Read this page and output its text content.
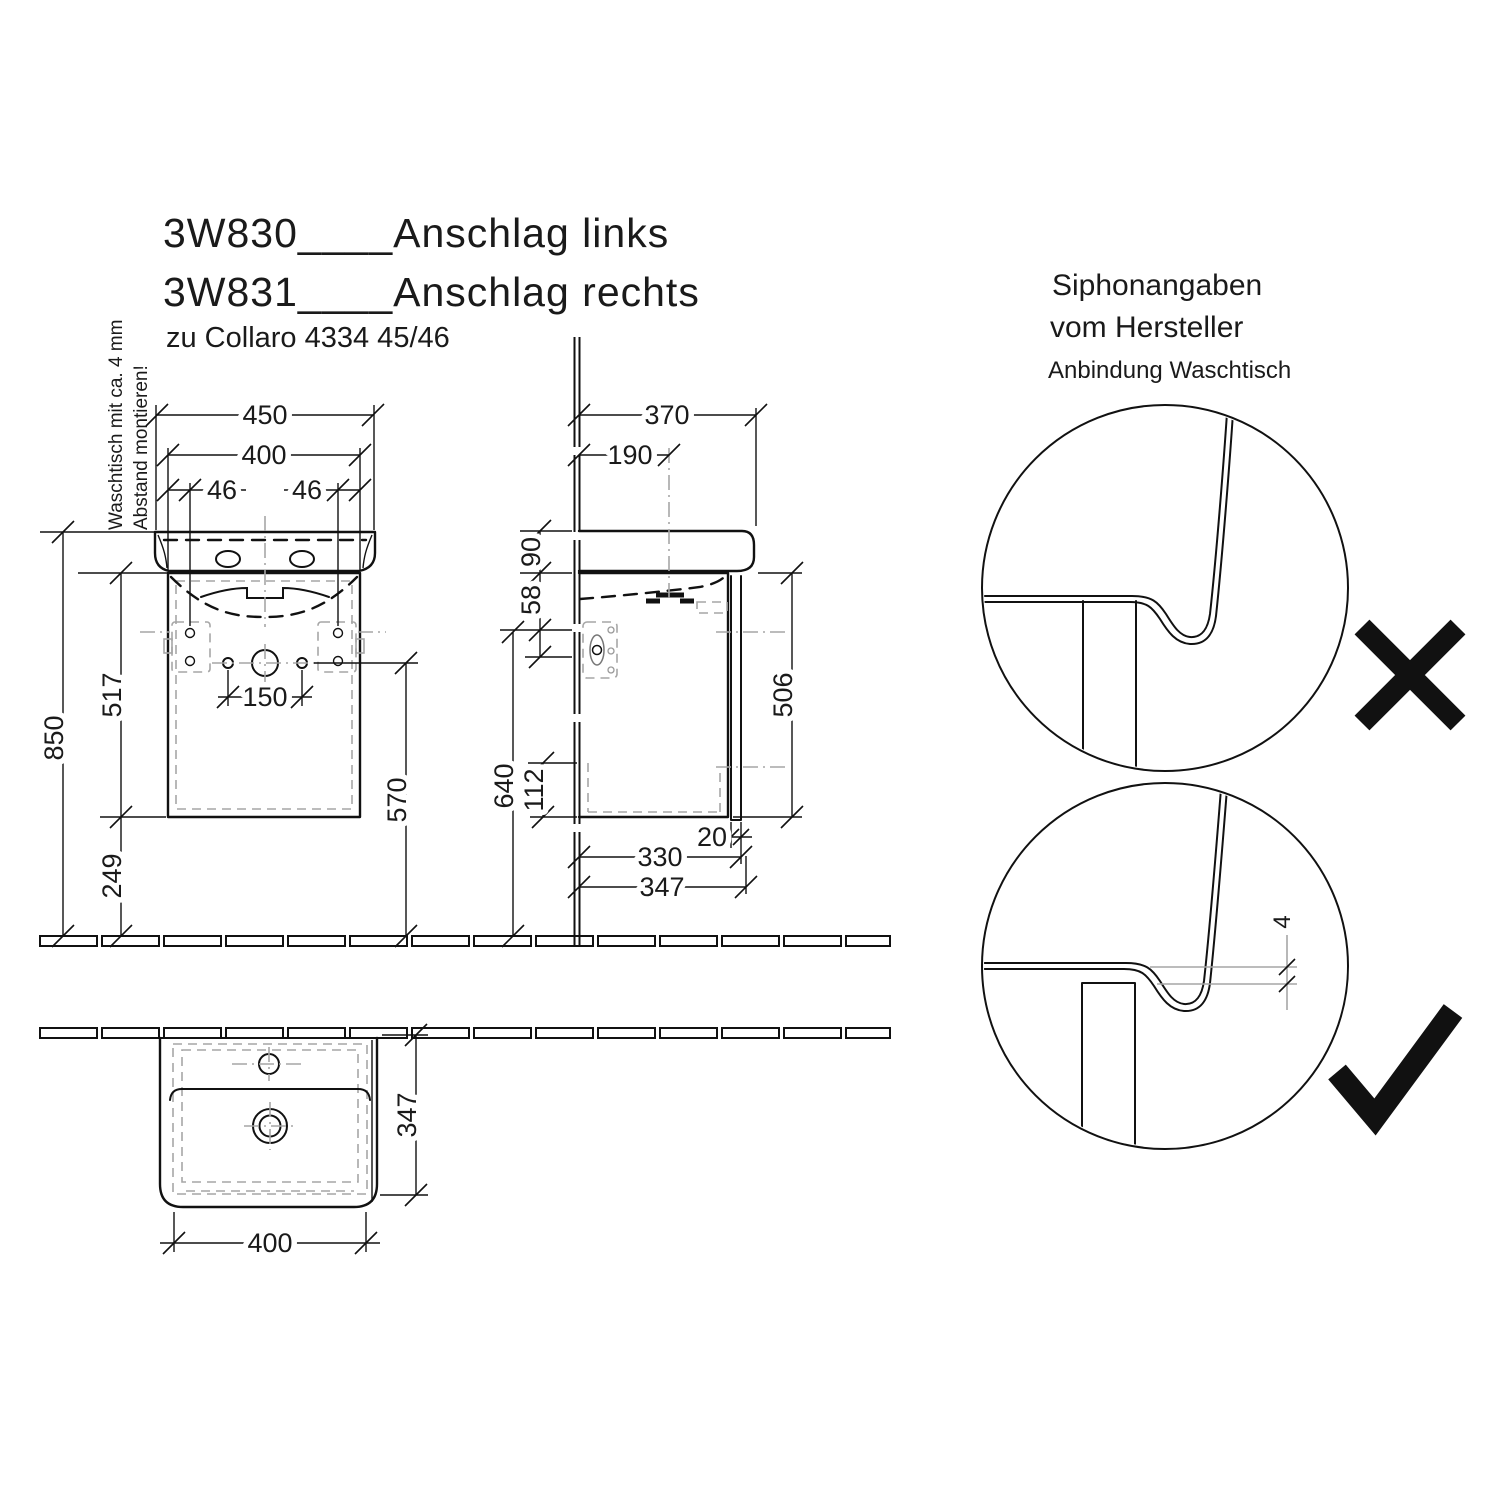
3W830____Anschlag links
3W831____Anschlag rechts
zu Collaro 4334 45/46
Waschtisch mit ca. 4 mm Abstand montieren!	450
400
46 46
517
850
249
150
570
370
190
90
58
640 112
506
20
330
347
347
400
Siphonangaben
vom Hersteller
Anbindung Waschtisch
4
